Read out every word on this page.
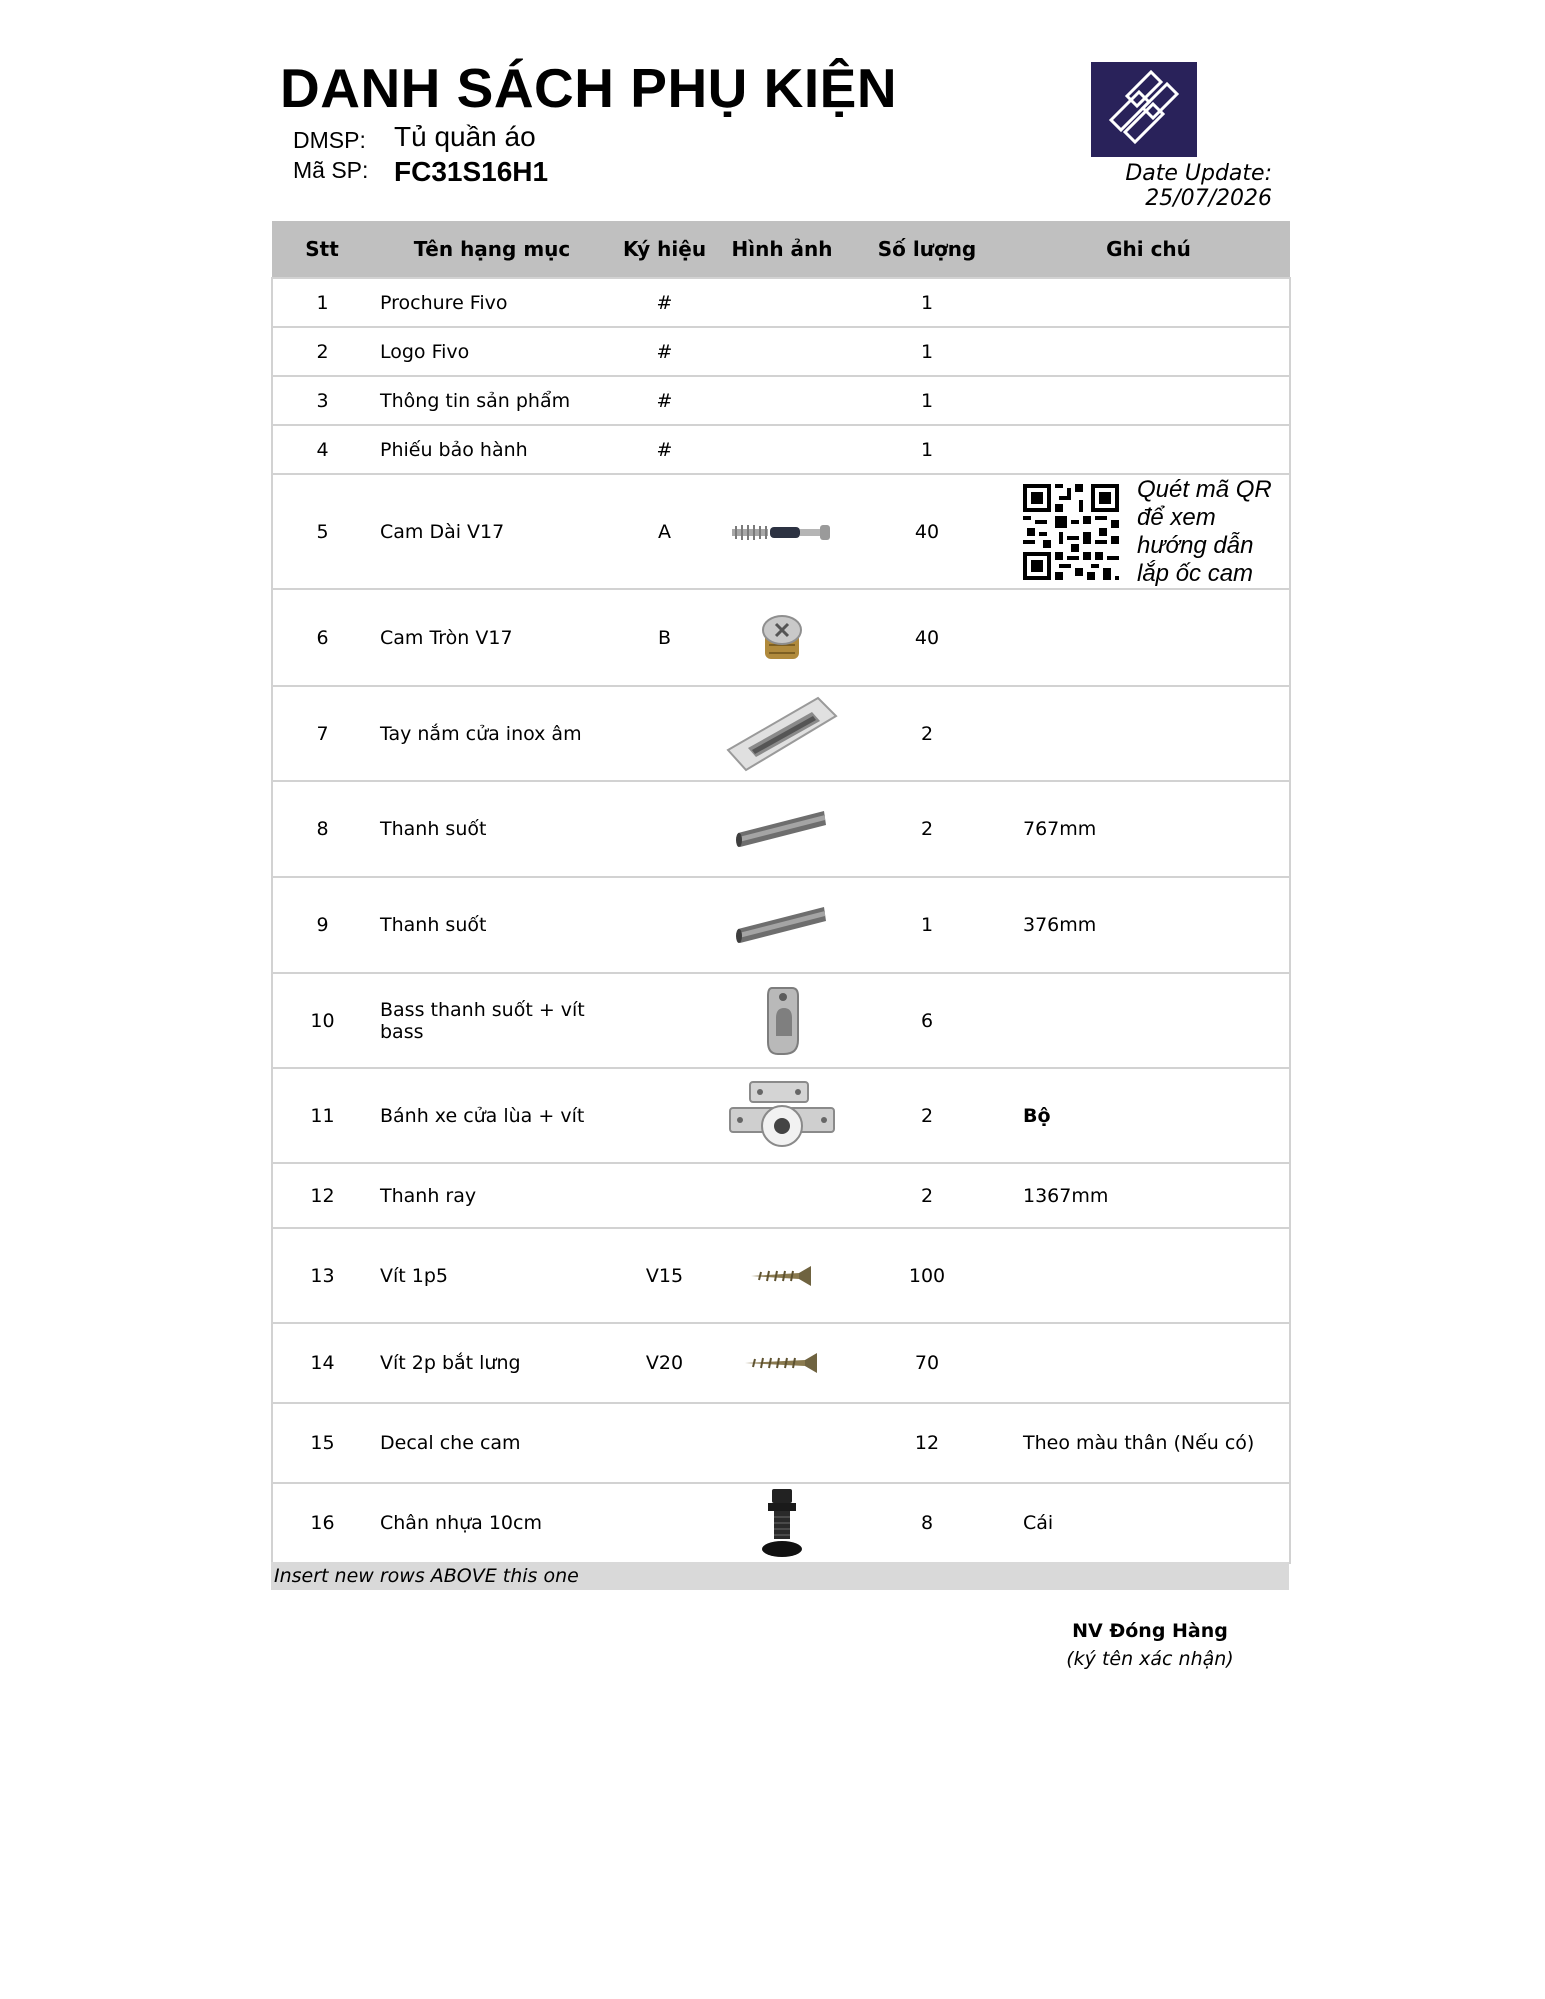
DANH SÁCH PHỤ KIỆN
DMSP: Tủ quần áo
Mã SP: FC31S16H1	Date Update: 25/07/2026
Stt	Tên hạng mục	Ký hiệu	Hình ảnh	Số lượng	Ghi chú
1	Prochure Fivo	#		1	
2	Logo Fivo	#		1	
3	Thông tin sản phẩm	#		1	
4	Phiếu bảo hành	#		1	
5	Cam Dài V17	A		40	Quét mã QR để xem hướng dẫn lắp ốc cam

6	Cam Tròn V17	B		40	
7	Tay nắm cửa inox âm			2	
8	Thanh suốt			2	767mm
9	Thanh suốt			1	376mm
10	Bass thanh suốt + vít bass			6	
11	Bánh xe cửa lùa + vít			2	Bộ
12	Thanh ray			2	1367mm
13	Vít 1p5	V15		100	
14	Vít 2p bắt lưng	V20		70	
15	Decal che cam			12	Theo màu thân (Nếu có)
16	Chân nhựa 10cm			8	Cái
Insert new rows ABOVE this one
NV Đóng Hàng
(ký tên xác nhận)
